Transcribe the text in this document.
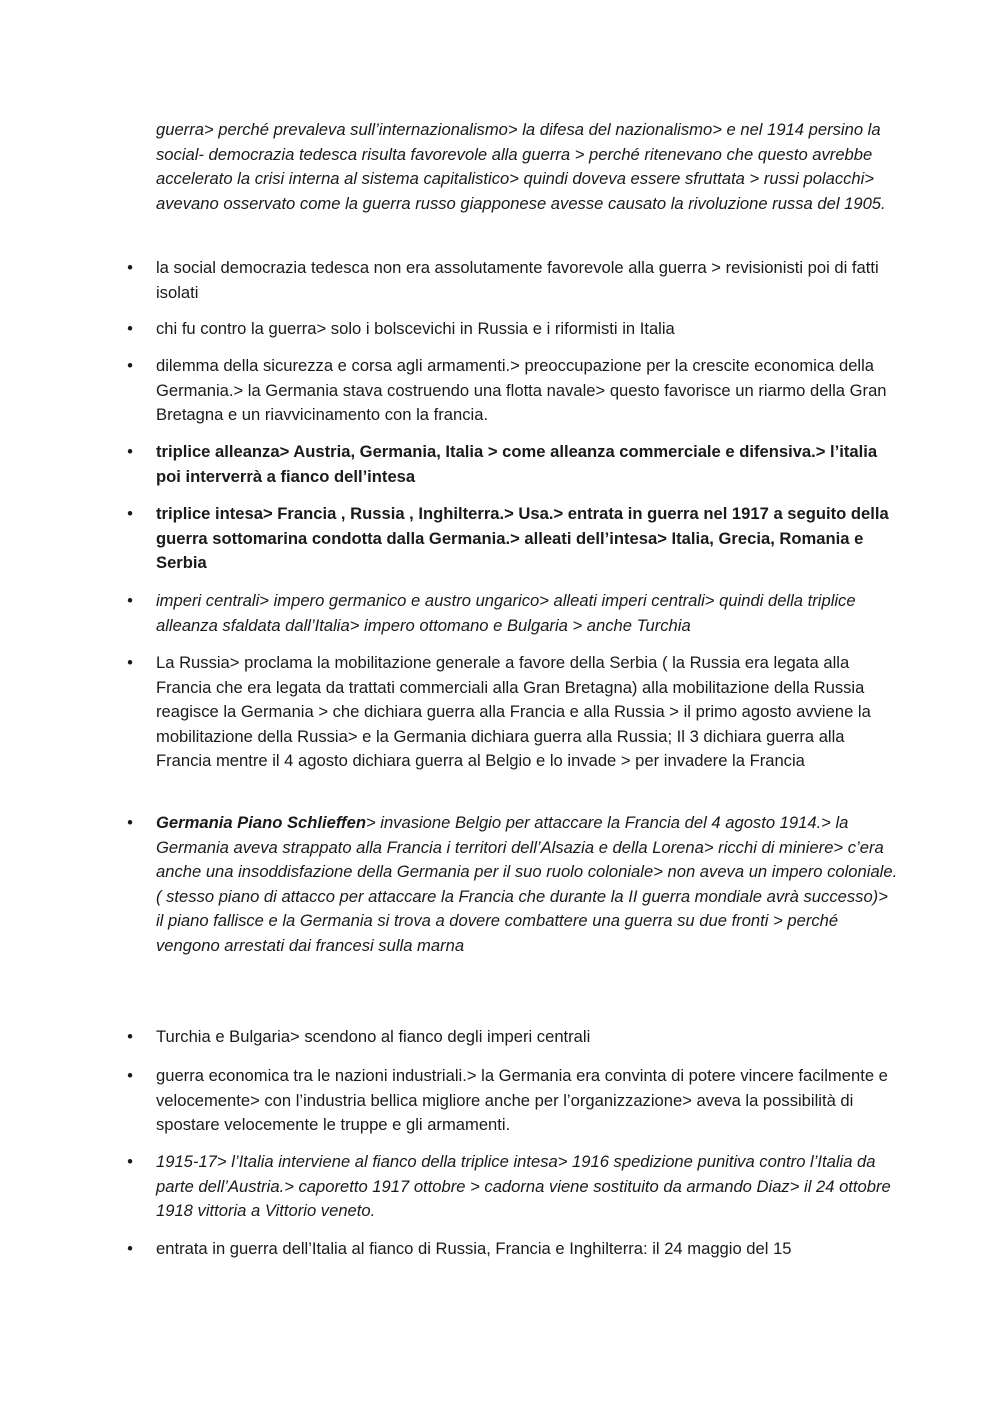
guerra> perché prevaleva sull’internazionalismo> la difesa del nazionalismo> e nel 1914 persino la social- democrazia tedesca risulta favorevole alla guerra > perché ritenevano che questo avrebbe accelerato la crisi interna al sistema capitalistico> quindi doveva essere sfruttata > russi polacchi> avevano osservato come la guerra russo giapponese avesse causato la rivoluzione russa del 1905.

• la social democrazia tedesca non era assolutamente favorevole alla guerra > revisionisti poi di fatti isolati
• chi fu contro la guerra> solo i bolscevichi in Russia e i riformisti in Italia
• dilemma della sicurezza e corsa agli armamenti.> preoccupazione per la crescite economica della Germania.> la Germania stava costruendo una flotta navale> questo favorisce un riarmo della Gran Bretagna e un riavvicinamento con la francia.
• triplice alleanza> Austria, Germania, Italia > come alleanza commerciale e difensiva.> l’italia poi interverrà a fianco dell’intesa
• triplice intesa> Francia , Russia , Inghilterra.> Usa.> entrata in guerra nel 1917 a seguito della guerra sottomarina condotta dalla Germania.> alleati dell’intesa> Italia, Grecia, Romania e Serbia
• imperi centrali> impero germanico e austro ungarico> alleati imperi centrali> quindi della triplice alleanza sfaldata dall’Italia> impero ottomano e Bulgaria > anche Turchia
• La Russia> proclama la mobilitazione generale a favore della Serbia ( la Russia era legata alla Francia che era legata da trattati commerciali alla Gran Bretagna) alla mobilitazione della Russia reagisce la Germania > che dichiara guerra alla Francia e alla Russia > il primo agosto avviene la mobilitazione della Russia> e la Germania dichiara guerra alla Russia; Il 3 dichiara guerra alla Francia mentre il 4 agosto dichiara guerra al Belgio e lo invade > per invadere la Francia
• Germania Piano Schlieffen> invasione Belgio per attaccare la Francia del 4 agosto 1914.> la Germania aveva strappato alla Francia i territori dell’Alsazia e della Lorena> ricchi di miniere> c’era anche una insoddisfazione della Germania per il suo ruolo coloniale> non aveva un impero coloniale. ( stesso piano di attacco per attaccare la Francia che durante la II guerra mondiale avrà successo)> il piano fallisce e la Germania si trova a dovere combattere una guerra su due fronti > perché vengono arrestati dai francesi sulla marna
• Turchia e Bulgaria> scendono al fianco degli imperi centrali
• guerra economica tra le nazioni industriali.> la Germania era convinta di potere vincere facilmente e velocemente> con l’industria bellica migliore anche per l’organizzazione> aveva la possibilità di spostare velocemente le truppe e gli armamenti.
• 1915-17> l’Italia interviene al fianco della triplice intesa> 1916 spedizione punitiva contro l’Italia da parte dell’Austria.> caporetto 1917 ottobre > cadorna viene sostituito da armando Diaz> il 24 ottobre 1918 vittoria a Vittorio veneto.
• entrata in guerra dell’Italia al fianco di Russia, Francia e Inghilterra: il 24 maggio del 15
